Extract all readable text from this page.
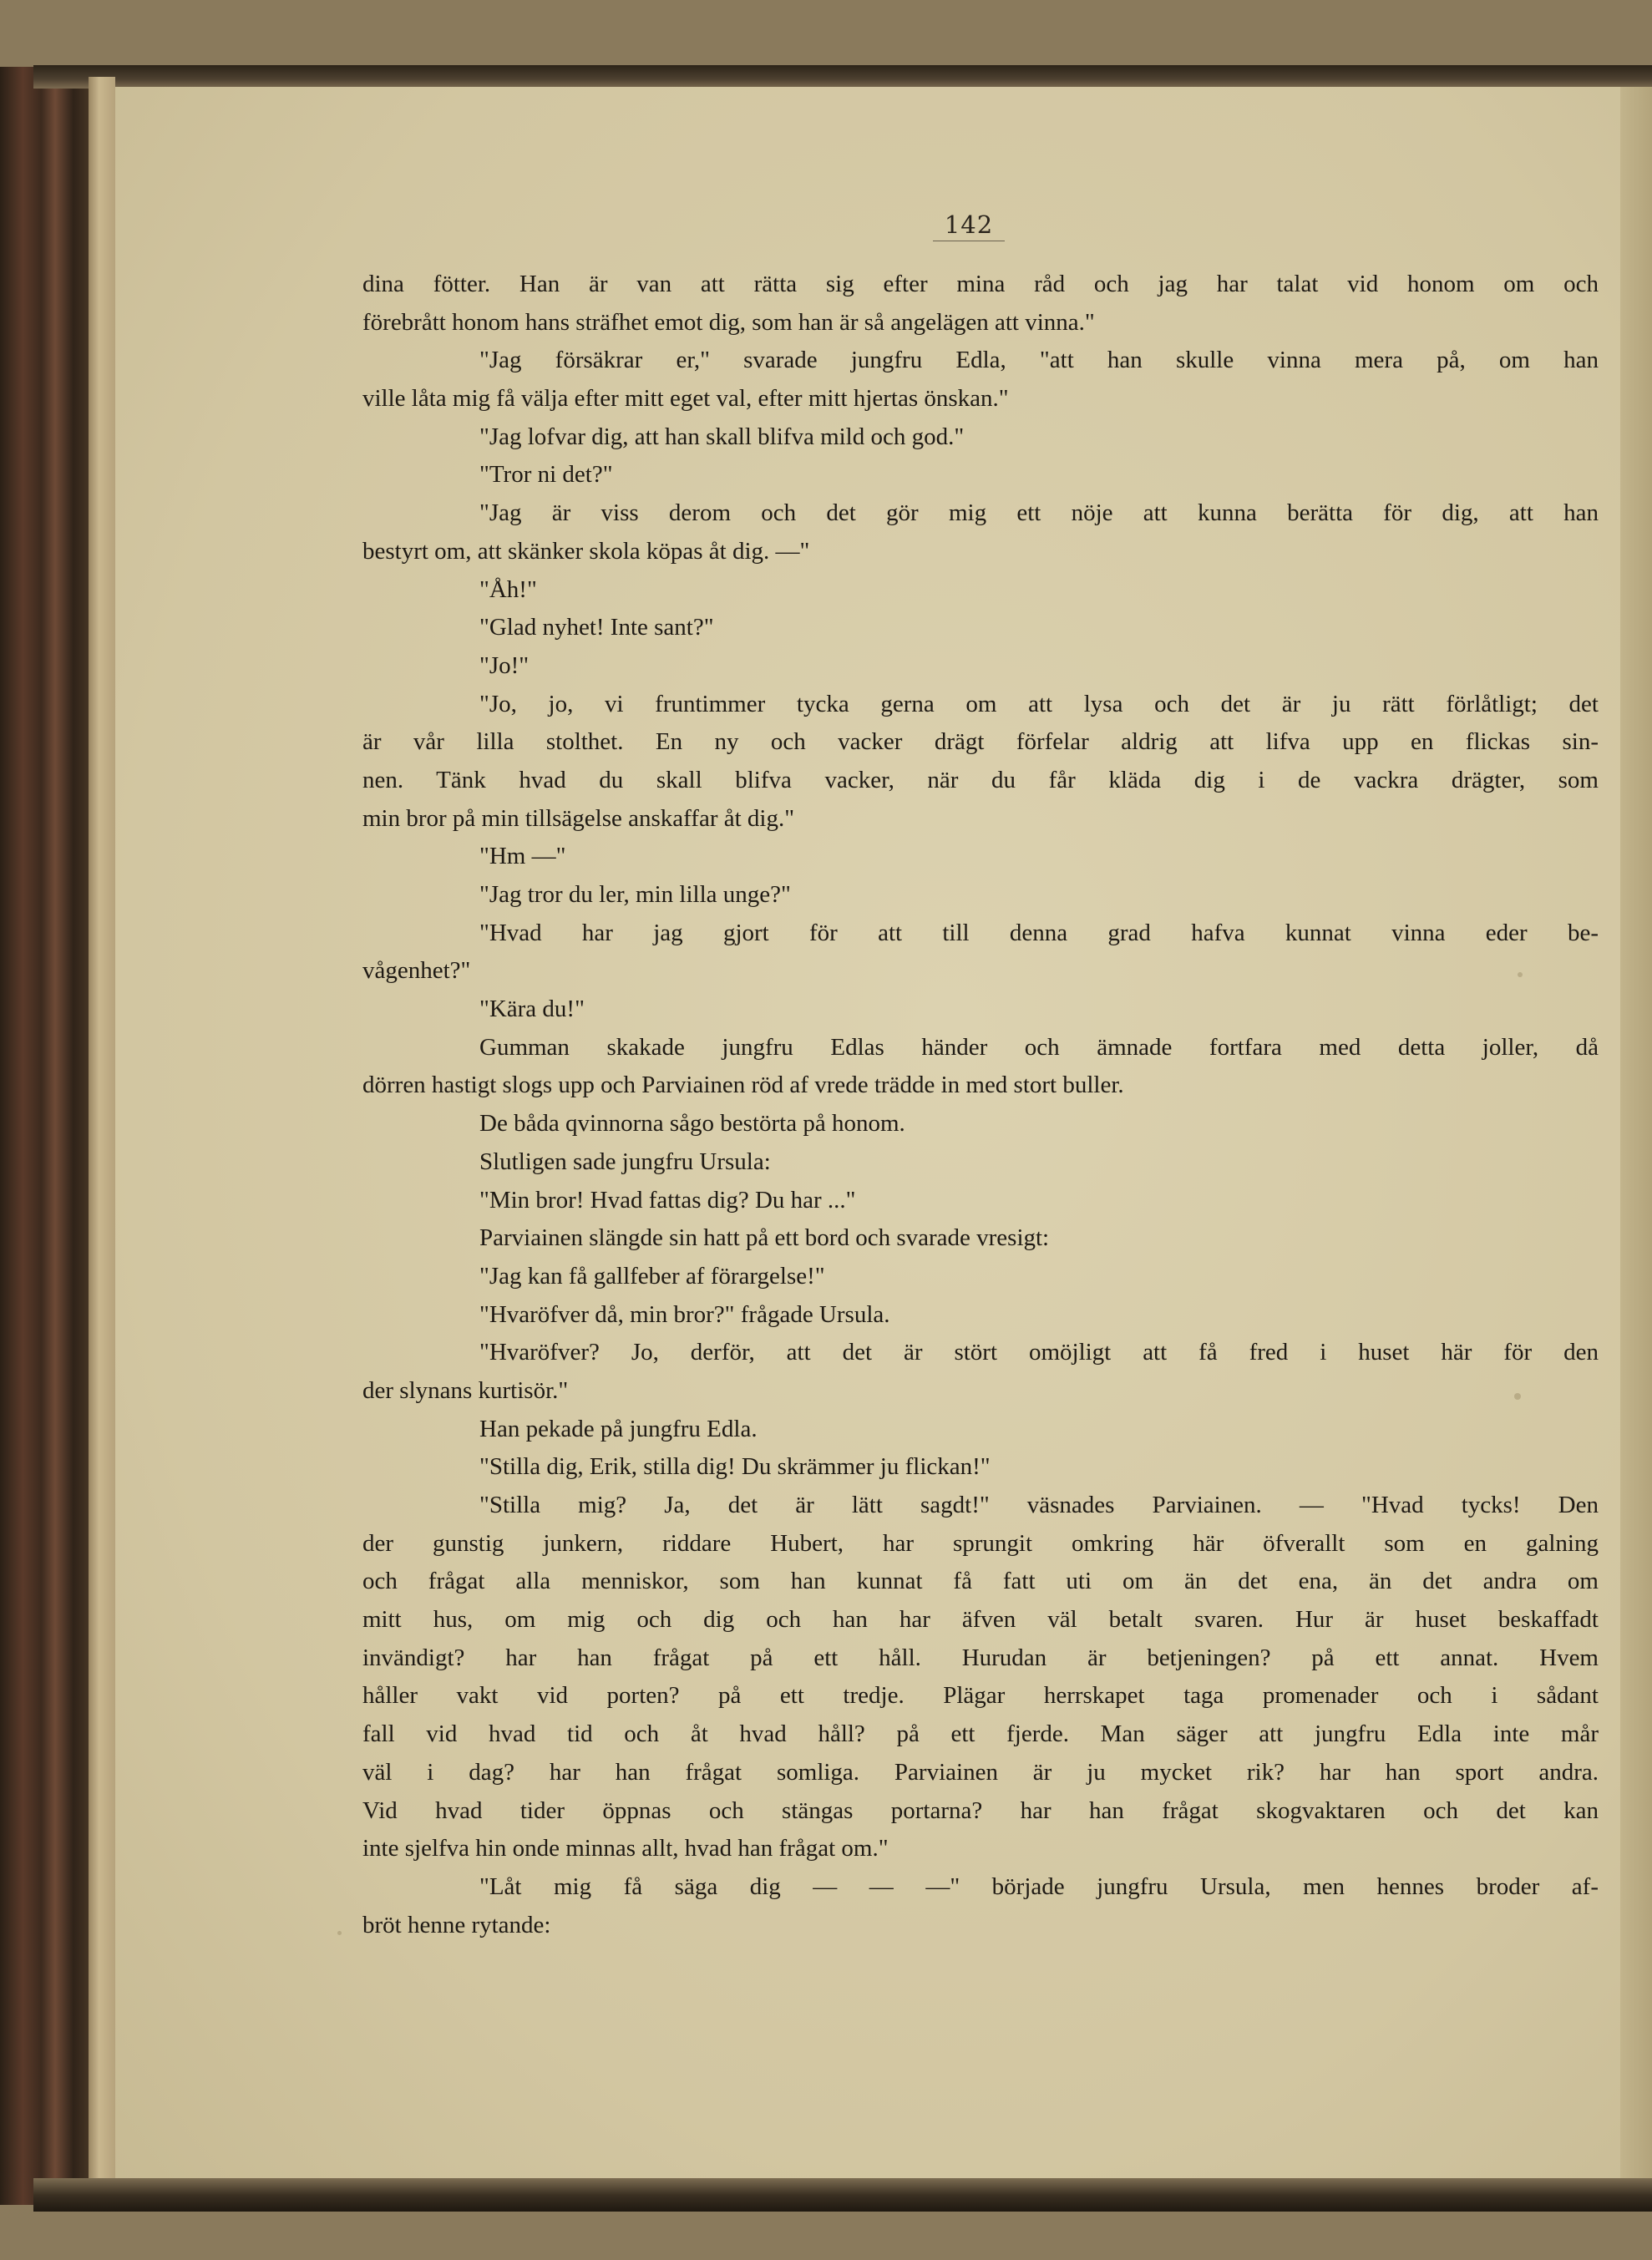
142
dina fötter. Han är van att rätta sig efter mina råd och jag har talat vid honom om och
förebrått honom hans sträfhet emot dig, som han är så angelägen att vinna."
"Jag försäkrar er," svarade jungfru Edla, "att han skulle vinna mera på, om han
ville låta mig få välja efter mitt eget val, efter mitt hjertas önskan."
"Jag lofvar dig, att han skall blifva mild och god."
"Tror ni det?"
"Jag är viss derom och det gör mig ett nöje att kunna berätta för dig, att han
bestyrt om, att skänker skola köpas åt dig. —"
"Åh!"
"Glad nyhet! Inte sant?"
"Jo!"
"Jo, jo, vi fruntimmer tycka gerna om att lysa och det är ju rätt förlåtligt; det
är vår lilla stolthet. En ny och vacker drägt förfelar aldrig att lifva upp en flickas sin-
nen. Tänk hvad du skall blifva vacker, när du får kläda dig i de vackra drägter, som
min bror på min tillsägelse anskaffar åt dig."
"Hm —"
"Jag tror du ler, min lilla unge?"
"Hvad har jag gjort för att till denna grad hafva kunnat vinna eder be-
vågenhet?"
"Kära du!"
Gumman skakade jungfru Edlas händer och ämnade fortfara med detta joller, då
dörren hastigt slogs upp och Parviainen röd af vrede trädde in med stort buller.
De båda qvinnorna sågo bestörta på honom.
Slutligen sade jungfru Ursula:
"Min bror! Hvad fattas dig? Du har ..."
Parviainen slängde sin hatt på ett bord och svarade vresigt:
"Jag kan få gallfeber af förargelse!"
"Hvaröfver då, min bror?" frågade Ursula.
"Hvaröfver? Jo, derför, att det är stört omöjligt att få fred i huset här för den
der slynans kurtisör."
Han pekade på jungfru Edla.
"Stilla dig, Erik, stilla dig! Du skrämmer ju flickan!"
"Stilla mig? Ja, det är lätt sagdt!" väsnades Parviainen. — "Hvad tycks! Den
der gunstig junkern, riddare Hubert, har sprungit omkring här öfverallt som en galning
och frågat alla menniskor, som han kunnat få fatt uti om än det ena, än det andra om
mitt hus, om mig och dig och han har äfven väl betalt svaren. Hur är huset beskaffadt
invändigt? har han frågat på ett håll. Hurudan är betjeningen? på ett annat. Hvem
håller vakt vid porten? på ett tredje. Plägar herrskapet taga promenader och i sådant
fall vid hvad tid och åt hvad håll? på ett fjerde. Man säger att jungfru Edla inte mår
väl i dag? har han frågat somliga. Parviainen är ju mycket rik? har han sport andra.
Vid hvad tider öppnas och stängas portarna? har han frågat skogvaktaren och det kan
inte sjelfva hin onde minnas allt, hvad han frågat om."
"Låt mig få säga dig — — —" började jungfru Ursula, men hennes broder af-
bröt henne rytande:
